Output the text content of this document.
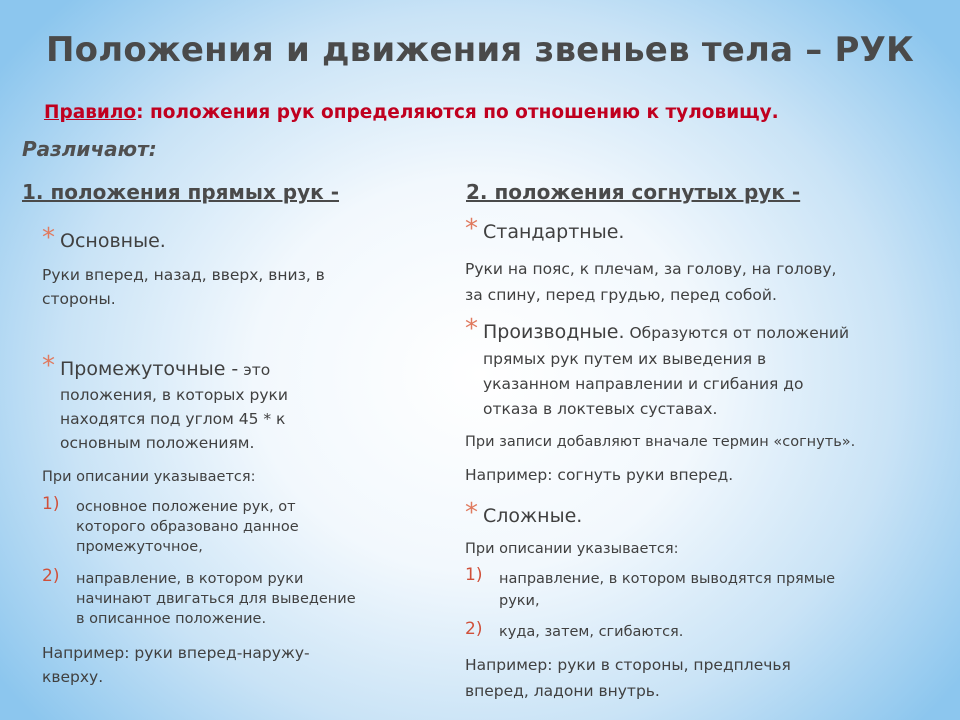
Положения и движения звеньев тела – РУК
Правило: положения рук определяются по отношению к туловищу.
Различают:
1. положения прямых рук -
* Основные.
Руки вперед, назад, вверх, вниз, в
стороны.
* Промежуточные - это
положения, в которых руки
находятся под углом 45 * к
основным положениям.
При описании указывается:
1) основное положение рук, от
которого образовано данное
промежуточное,
2) направление, в котором руки
начинают двигаться для выведение
в описанное положение.
Например: руки вперед-наружу-
кверху.
2. положения согнутых рук -
* Стандартные.
Руки на пояс, к плечам, за голову, на голову,
за спину, перед грудью, перед собой.
* Производные. Образуются от положений
прямых рук путем их выведения в
указанном направлении и сгибания до
отказа в локтевых суставах.
При записи добавляют вначале термин «согнуть».
Например: согнуть руки вперед.
* Сложные.
При описании указывается:
1) направление, в котором выводятся прямые
руки,
2) куда, затем, сгибаются.
Например: руки в стороны, предплечья
вперед, ладони внутрь.
